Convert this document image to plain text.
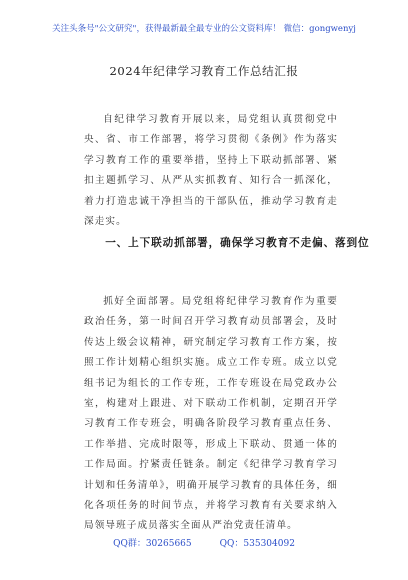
关注头条号"公文研究"，获得最新最全最专业的公文资料库！ 微信：gongwenyj
2024年纪律学习教育工作总结汇报

自纪律学习教育开展以来，局党组认真贯彻党中央、省、市工作部署，将学习贯彻《条例》作为落实学习教育工作的重要举措，坚持上下联动抓部署、紧扣主题抓学习、从严从实抓教育、知行合一抓深化，着力打造忠诚干净担当的干部队伍，推动学习教育走深走实。

一、上下联动抓部署，确保学习教育不走偏、落到位

抓好全面部署。局党组将纪律学习教育作为重要政治任务，第一时间召开学习教育动员部署会，及时传达上级会议精神，研究制定学习教育工作方案，按照工作计划精心组织实施。成立工作专班。成立以党组书记为组长的工作专班，工作专班设在局党政办公室，构建对上跟进、对下联动工作机制，定期召开学习教育工作专班会，明确各阶段学习教育重点任务、工作举措、完成时限等，形成上下联动、贯通一体的工作局面。拧紧责任链条。制定《纪律学习教育学习计划和任务清单》，明确开展学习教育的具体任务，细化各项任务的时间节点，并将学习教育有关要求纳入局领导班子成员落实全面从严治党责任清单。

QQ群：30265665	QQ：535304092
